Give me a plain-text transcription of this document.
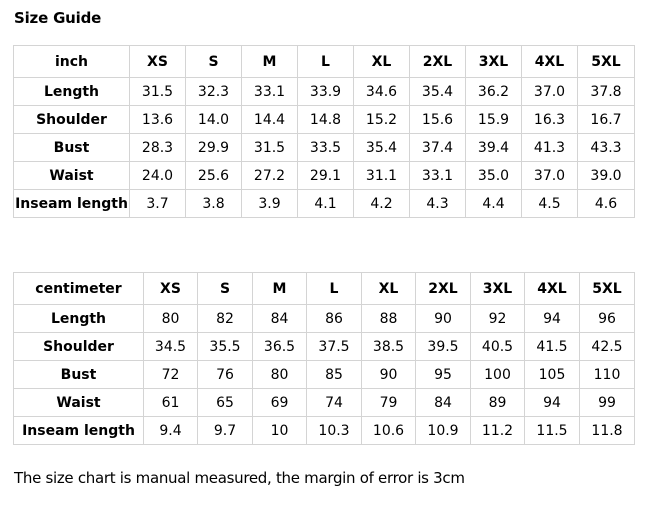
Size Guide
inch	XS	S	M	L	XL	2XL	3XL	4XL	5XL
Length	31.5	32.3	33.1	33.9	34.6	35.4	36.2	37.0	37.8
Shoulder	13.6	14.0	14.4	14.8	15.2	15.6	15.9	16.3	16.7
Bust	28.3	29.9	31.5	33.5	35.4	37.4	39.4	41.3	43.3
Waist	24.0	25.6	27.2	29.1	31.1	33.1	35.0	37.0	39.0
Inseam length	3.7	3.8	3.9	4.1	4.2	4.3	4.4	4.5	4.6
centimeter	XS	S	M	L	XL	2XL	3XL	4XL	5XL
Length	80	82	84	86	88	90	92	94	96
Shoulder	34.5	35.5	36.5	37.5	38.5	39.5	40.5	41.5	42.5
Bust	72	76	80	85	90	95	100	105	110
Waist	61	65	69	74	79	84	89	94	99
Inseam length	9.4	9.7	10	10.3	10.6	10.9	11.2	11.5	11.8
The size chart is manual measured, the margin of error is 3cm
